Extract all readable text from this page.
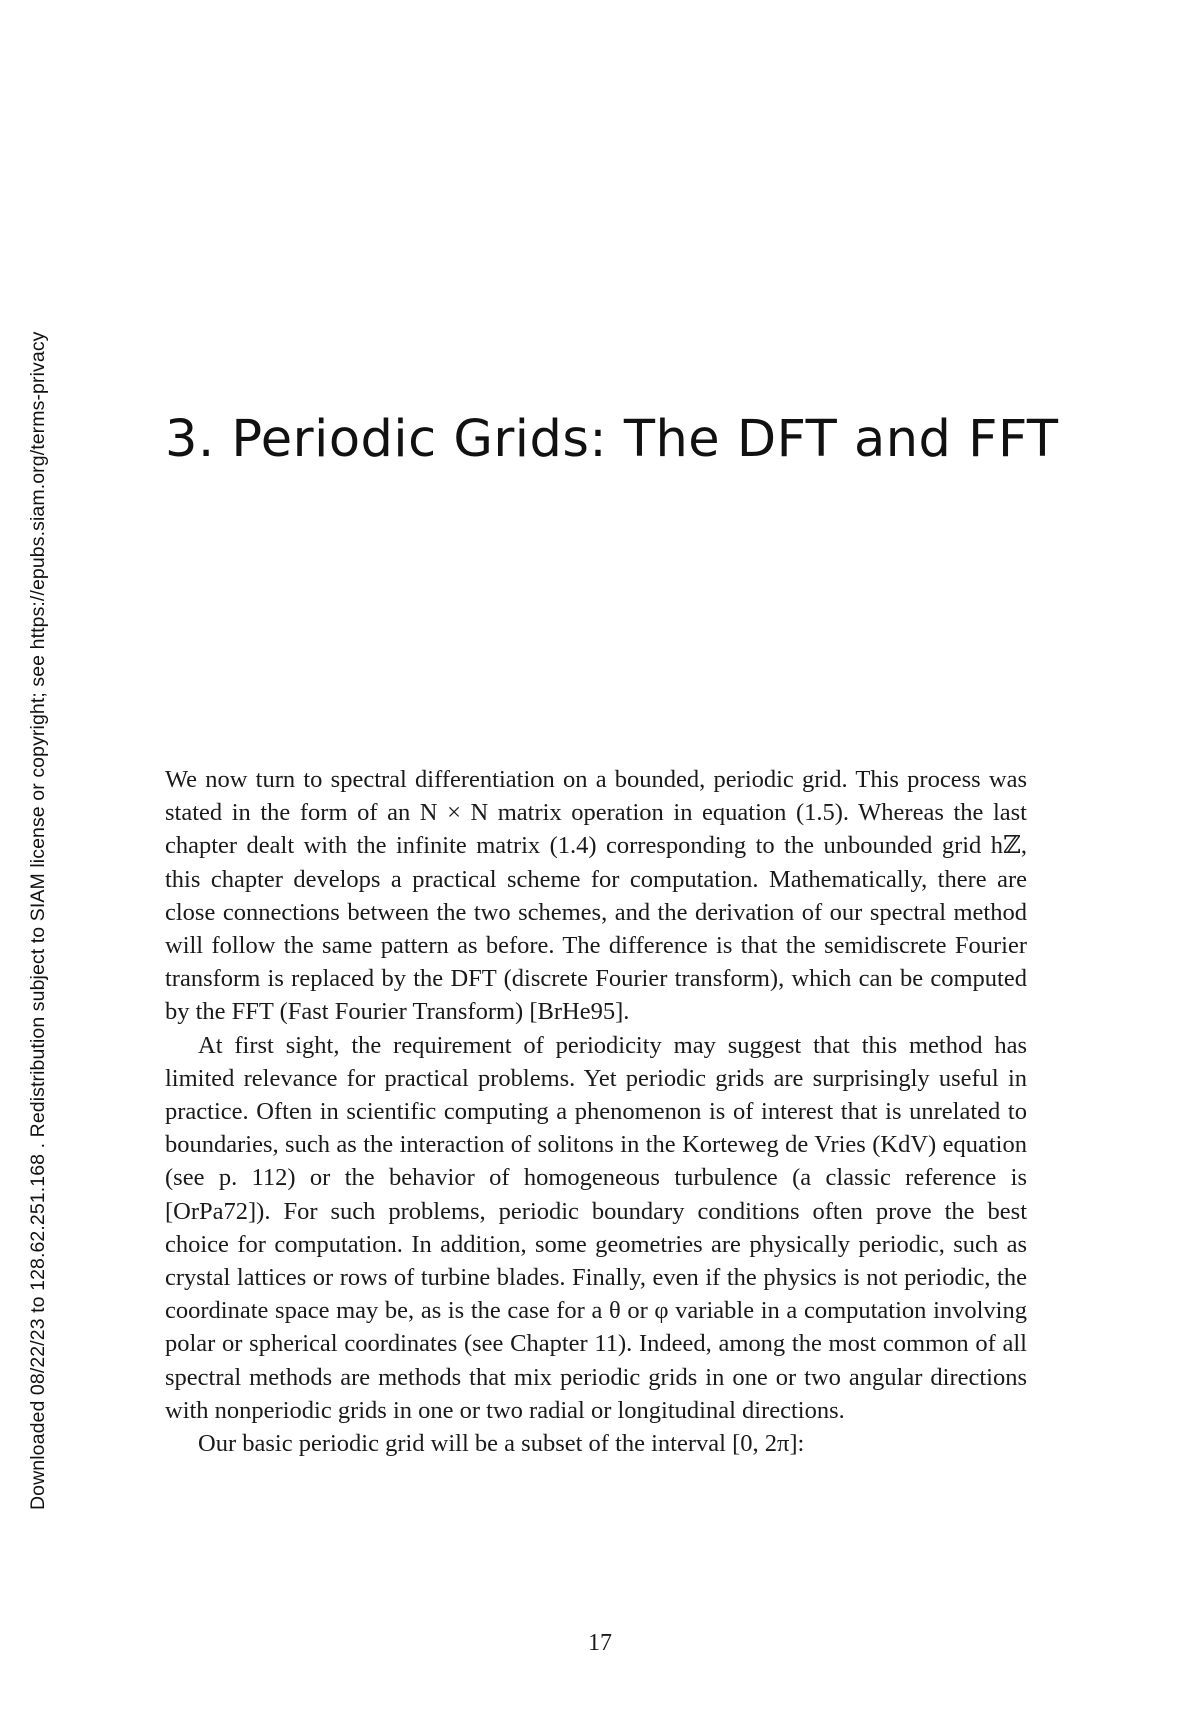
Downloaded 08/22/23 to 128.62.251.168 . Redistribution subject to SIAM license or copyright; see https://epubs.siam.org/terms-privacy 3. Periodic Grids: The DFT and FFT

We now turn to spectral differentiation on a bounded, periodic grid. This process was stated in the form of an N × N matrix operation in equation (1.5). Whereas the last chapter dealt with the infinite matrix (1.4) corresponding to the unbounded grid hℤ, this chapter develops a practical scheme for computation. Mathematically, there are close connections between the two schemes, and the derivation of our spectral method will follow the same pattern as before. The difference is that the semidiscrete Fourier transform is replaced by the DFT (discrete Fourier transform), which can be computed by the FFT (Fast Fourier Transform) [BrHe95].

At first sight, the requirement of periodicity may suggest that this method has limited relevance for practical problems. Yet periodic grids are surprisingly useful in practice. Often in scientific computing a phenomenon is of interest that is unrelated to boundaries, such as the interaction of solitons in the Korteweg de Vries (KdV) equation (see p. 112) or the behavior of homogeneous turbulence (a classic reference is [OrPa72]). For such problems, periodic boundary conditions often prove the best choice for computation. In addition, some geometries are physically periodic, such as crystal lattices or rows of turbine blades. Finally, even if the physics is not periodic, the coordinate space may be, as is the case for a θ or φ variable in a computation involving polar or spherical coordinates (see Chapter 11). Indeed, among the most common of all spectral methods are methods that mix periodic grids in one or two angular directions with nonperiodic grids in one or two radial or longitudinal directions.

Our basic periodic grid will be a subset of the interval [0, 2π]:

17
